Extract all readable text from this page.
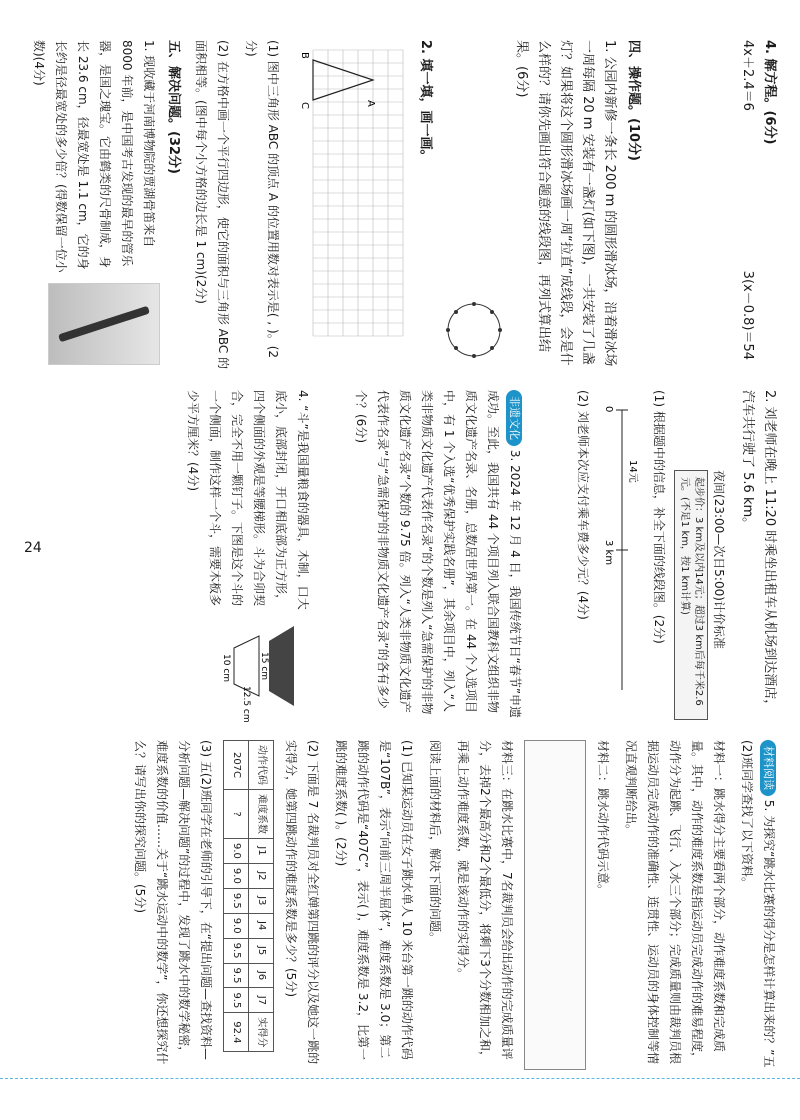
4. 解方程。(6分)
4x＋2.4＝6
3(x－0.8)＝54
四、操作题。(10分)
1. 公园内新修一条长 200 m 的圆形滑冰场，沿着滑冰场一周每隔 20 m 安装有一盏灯(如下图)，一共安装了几盏灯？如果将这个圆形滑冰场画一周“拉直”成线段，会是什么样的？请你先画出符合题意的线段图，再列式算出结果。(6分)
2. 填一填，画一画。
A
B
C
(1) 图中三角形 ABC 的顶点 A 的位置用数对表示是( , )。(2分)
(2) 在方格中画一个平行四边形，使它的面积与三角形 ABC 的面积相等。(图中每个小方格的边长是 1 cm)(2分)
五、解决问题。(32分)
1. 现收藏于河南博物院的贾湖骨笛来自 8000 年前，是中国考古发现的最早的管乐器，是国之瑰宝。它由鹤类的尺骨制成，身长 23.6 cm，径最宽处是 1.1 cm，它的身长约是径最宽处的多少倍？(得数保留一位小数)(4分)
2. 刘老师在晚上 11:20 时乘坐出租车从机场到达酒店，汽车共行驶了 5.6 km。
夜间(23:00—次日5:00)计价标准
起步价：3 km及以内14元；超过3 km后每千米2.6元。(不足1 km，按1 km计算)
(1) 根据题中的信息，补全下面的线段图。(2分)
14元
0
3 km
(2) 刘老师本次应支付乘车费多少元？(4分)
非遗文化 3. 2024 年 12 月 4 日，我国传统节日“春节”申遗成功。至此，我国共有 44 个项目列入联合国教科文组织非物质文化遗产名录、名册，总数居世界第一。在 44 个入选项目中，有 1 个入选“优秀保护实践名册”，其余项目中，列入“人类非物质文化遗产代表作名录”的个数是列入“急需保护的非物质文化遗产名录”个数的 9.75 倍。列入“人类非物质文化遗产代表作名录”与“急需保护的非物质文化遗产名录”的各有多少个？(6分)
4. “斗”是我国量粮食的器具，木制，口大底小，底部封闭，开口相底部为正方形，四个侧面的外观是等腰梯形。斗为合卯契合，完全不用一颗钉子。下图是这个斗的一个侧面，制作这样一个斗，需要木板多少平方厘米？(4分)
15 cm
10 cm
12.5 cm
材料阅读 5. 为探究“跳水比赛的得分是怎样计算出来的？”五(2)班同学查找了以下资料。
材料一：跳水得分主要看两个部分，动作难度系数和完成质量。其中，动作的难度系数是指运动员完成动作的难易程度，动作分为起跳、飞行、入水三个部分；完成质量则由裁判员根据运动员完成动作的准确性、连贯性、运动员的身体控制等情况直观判断给出。
材料二：跳水动作代码示意。
材料三：在跳水比赛中，7名裁判员会给出动作的完成质量评分，去掉2个最高分和2个最低分，将剩下3个分数相加之和，再乘上动作难度系数，就是该动作的实得分。
阅读上面的材料后，解决下面的问题。
(1) 已知某运动员在女子跳水单人 10 米台第一跳的动作代码是“107B”，表示“向前三周半屈体”，难度系数是 3.0；第二跳的动作代码是“407C”，表示( )，难度系数是 3.2，比第一跳的难度系数( )。(2分)
(2) 下面是 7 名裁判员对全红婵第四跳的评分以及她这一跳的实得分，她第四跳动作的难度系数是多少？(5分)
动作代码	难度系数	J1	J2	J3	J4	J5	J6	J7	实得分
207C	?	9.0	9.0	9.5	9.0	9.5	9.5	9.5	92.4
(3) 五(2)班同学在老师的引导下，在“提出问题—查找资料—分析问题—解决问题”的过程中，发现了跳水中的数学秘密，难度系数的价值……关于“跳水运动中的数学”，你还想探究什么？请写出你的探究问题。(5分)
24
